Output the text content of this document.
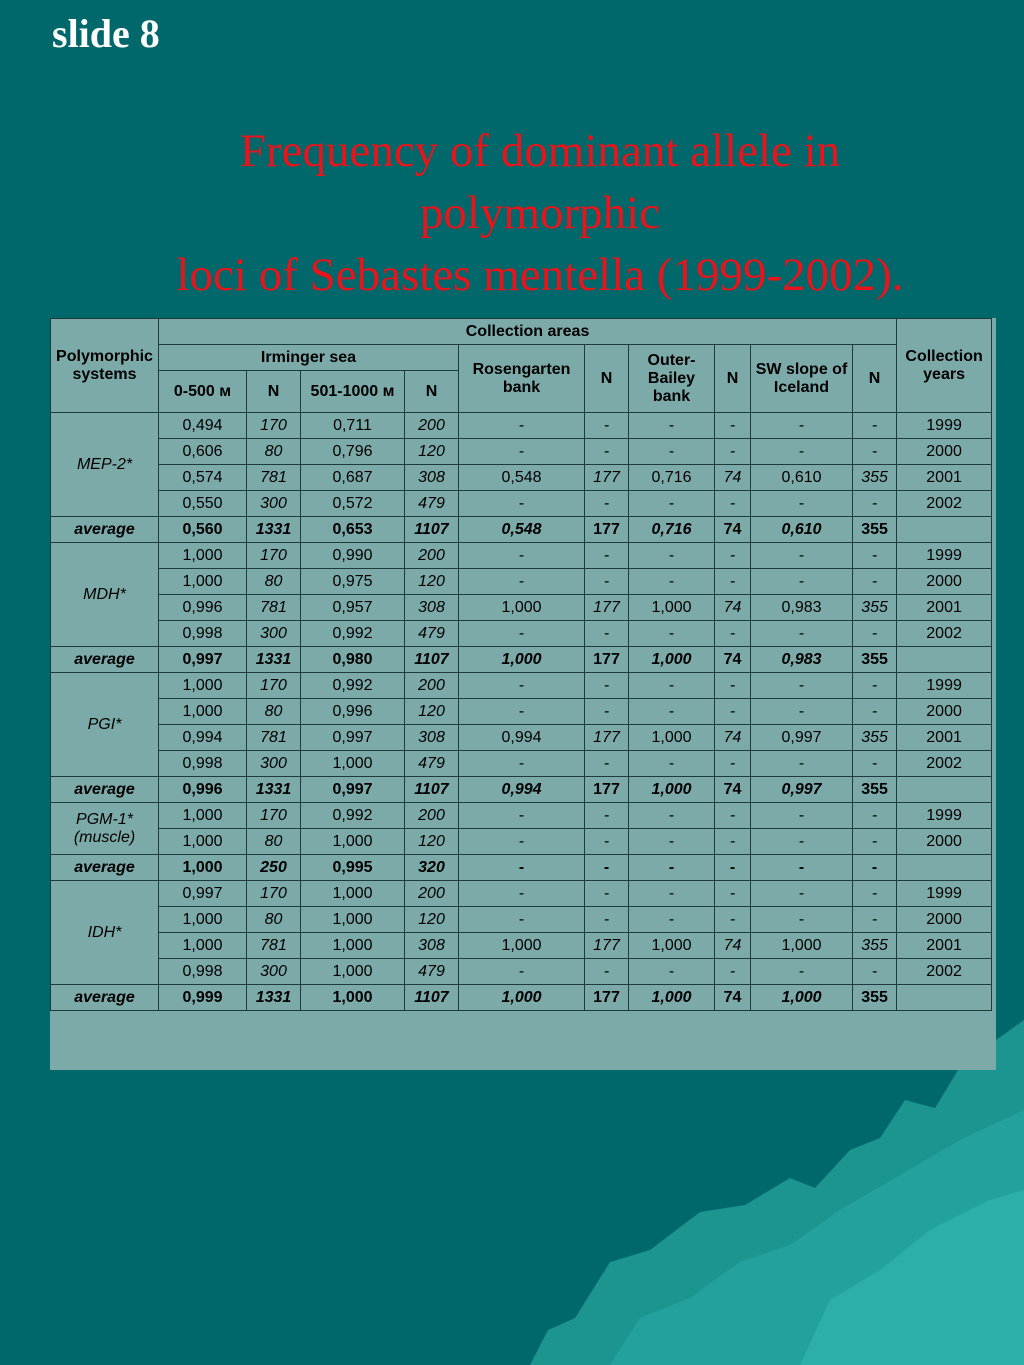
slide 8
Frequency of dominant allele in
polymorphic
loci of Sebastes mentella (1999-2002).
Polymorphic systems	Collection areas										Collection years
	Irminger sea				Rosengarten bank	N	Outer-Bailey bank	N	SW slope of Iceland	N	
	0-500 м	N	501-1000 м	N							
MEP-2*	0,494	170	0,711	200	-	-	-	-	-	-	1999
	0,606	80	0,796	120	-	-	-	-	-	-	2000
	0,574	781	0,687	308	0,548	177	0,716	74	0,610	355	2001
	0,550	300	0,572	479	-	-	-	-	-	-	2002
average	0,560	1331	0,653	1107	0,548	177	0,716	74	0,610	355	
MDH*	1,000	170	0,990	200	-	-	-	-	-	-	1999
	1,000	80	0,975	120	-	-	-	-	-	-	2000
	0,996	781	0,957	308	1,000	177	1,000	74	0,983	355	2001
	0,998	300	0,992	479	-	-	-	-	-	-	2002
average	0,997	1331	0,980	1107	1,000	177	1,000	74	0,983	355	
PGI*	1,000	170	0,992	200	-	-	-	-	-	-	1999
	1,000	80	0,996	120	-	-	-	-	-	-	2000
	0,994	781	0,997	308	0,994	177	1,000	74	0,997	355	2001
	0,998	300	1,000	479	-	-	-	-	-	-	2002
average	0,996	1331	0,997	1107	0,994	177	1,000	74	0,997	355	
PGM-1* (muscle)	1,000	170	0,992	200	-	-	-	-	-	-	1999
	1,000	80	1,000	120	-	-	-	-	-	-	2000
average	1,000	250	0,995	320	-	-	-	-	-	-	
IDH*	0,997	170	1,000	200	-	-	-	-	-	-	1999
	1,000	80	1,000	120	-	-	-	-	-	-	2000
	1,000	781	1,000	308	1,000	177	1,000	74	1,000	355	2001
	0,998	300	1,000	479	-	-	-	-	-	-	2002
average	0,999	1331	1,000	1107	1,000	177	1,000	74	1,000	355	
